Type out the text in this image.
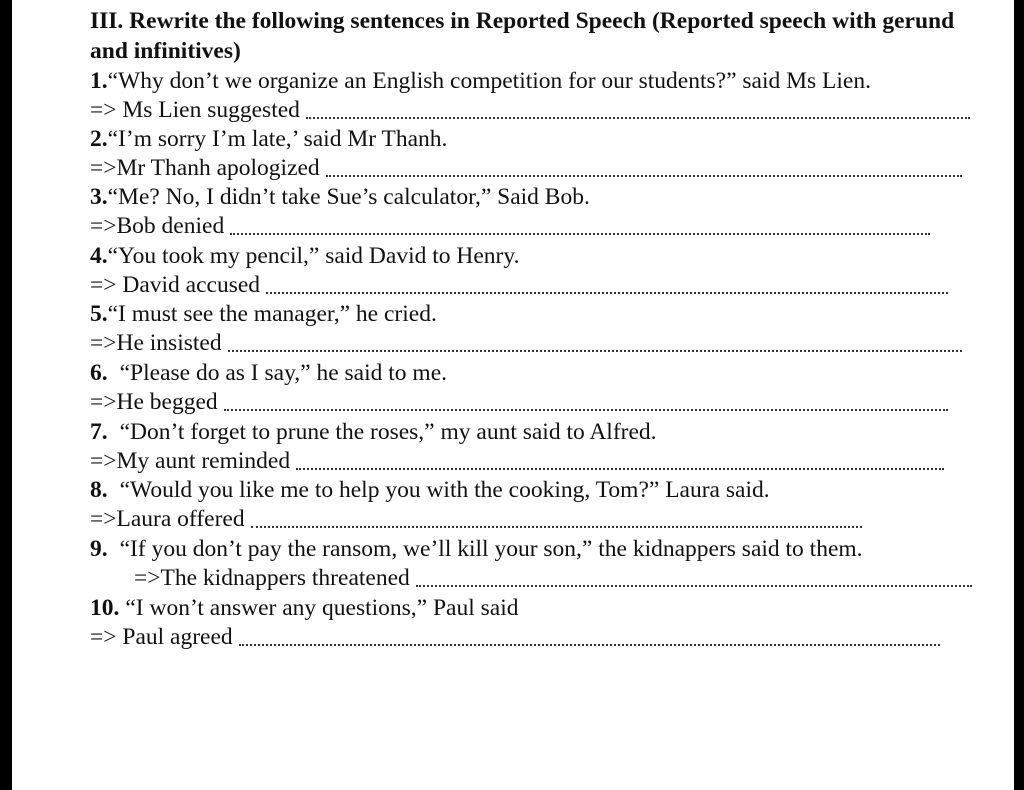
III. Rewrite the following sentences in Reported Speech (Reported speech with gerund and infinitives)

1. “Why don’t we organize an English competition for our students?” said Ms Lien.
=> Ms Lien suggested
2. “I’m sorry I’m late,’ said Mr Thanh.
=>Mr Thanh apologized
3. “Me? No, I didn’t take Sue’s calculator,” Said Bob.
=>Bob denied
4. “You took my pencil,” said David to Henry.
=> David accused
5. “I must see the manager,” he cried.
=>He insisted
6. “Please do as I say,” he said to me.
=>He begged
7. “Don’t forget to prune the roses,” my aunt said to Alfred.
=>My aunt reminded
8. “Would you like me to help you with the cooking, Tom?” Laura said.
=>Laura offered
9. “If you don’t pay the ransom, we’ll kill your son,” the kidnappers said to them.
=>The kidnappers threatened
10. “I won’t answer any questions,” Paul said
=> Paul agreed
